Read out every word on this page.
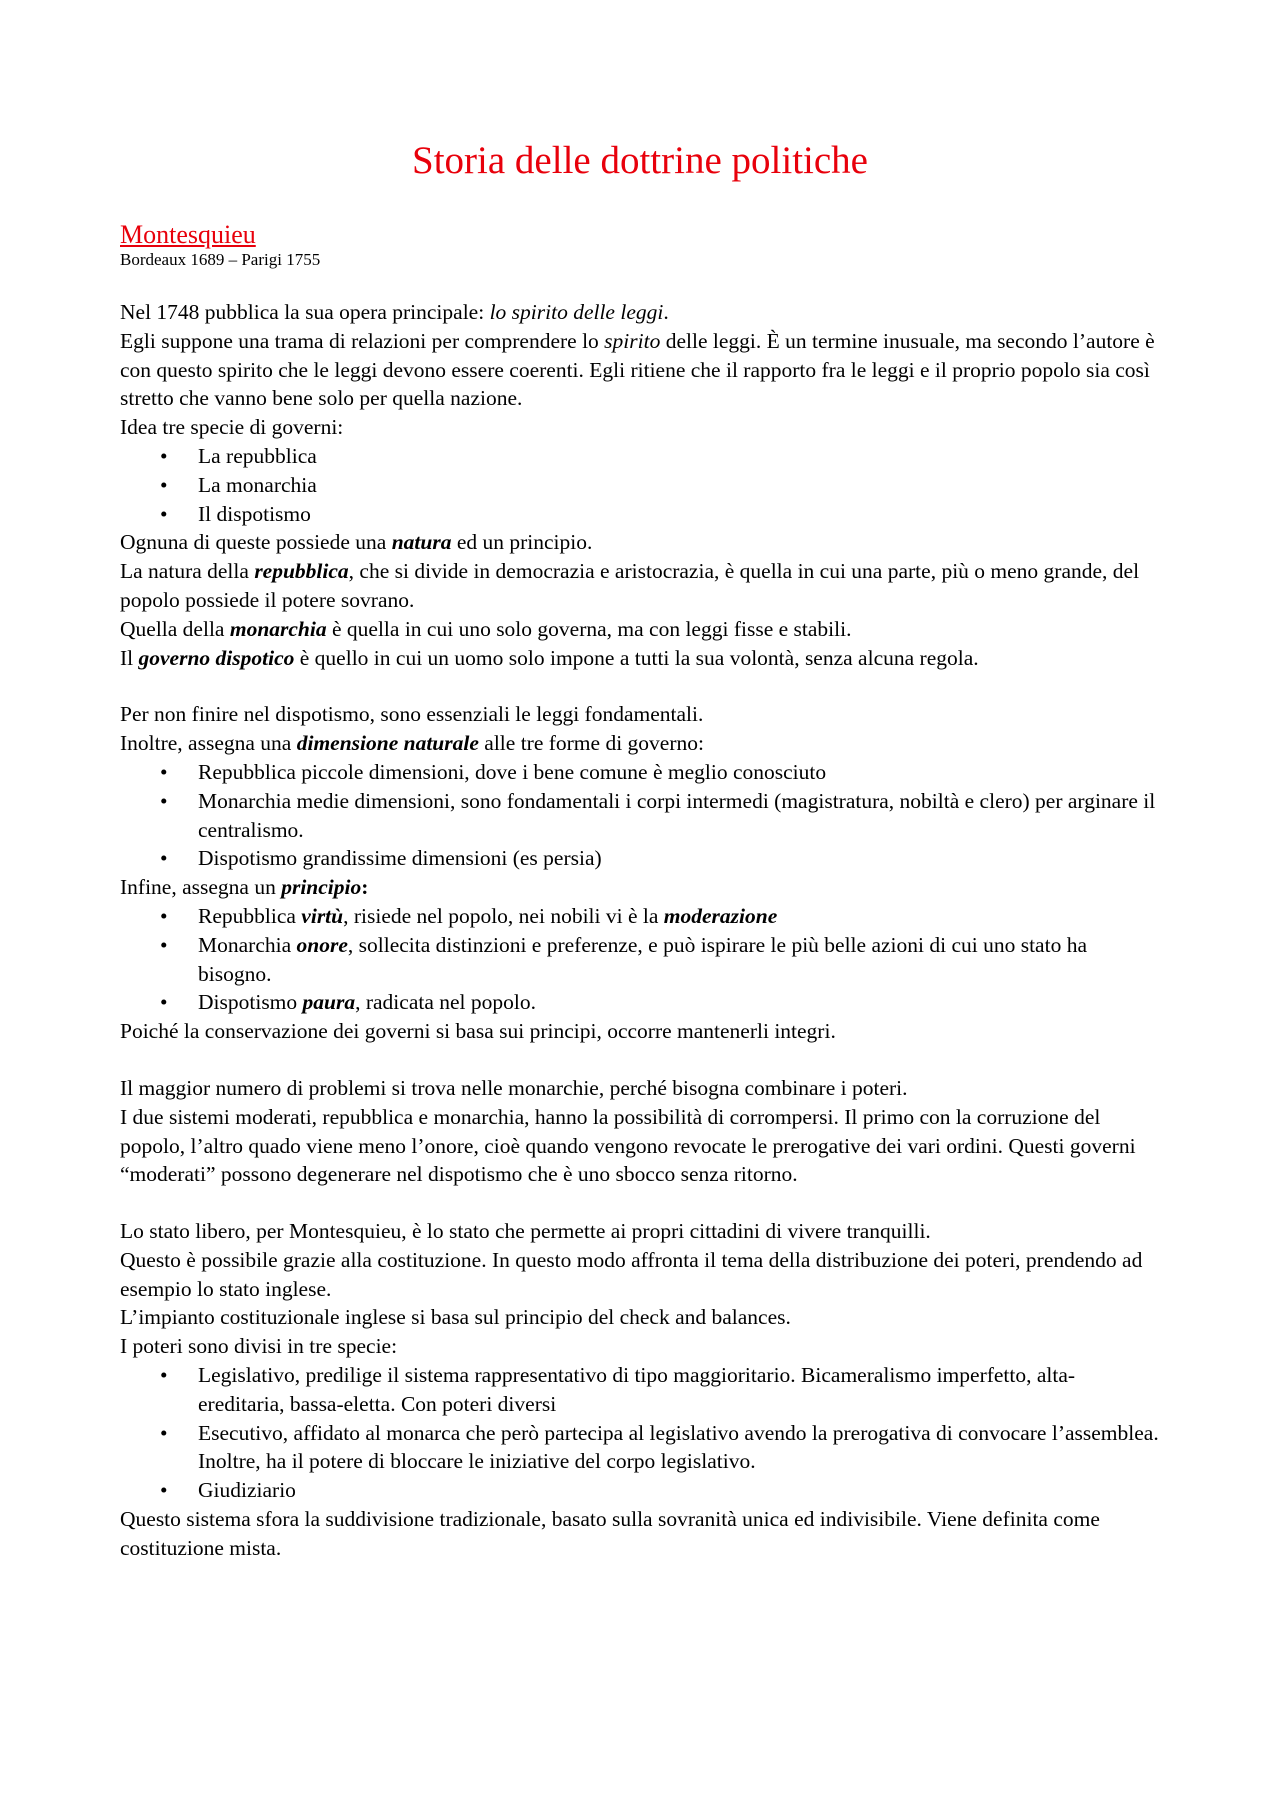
Storia delle dottrine politiche
Montesquieu

Bordeaux 1689 – Parigi 1755

Nel 1748 pubblica la sua opera principale: lo spirito delle leggi.

Egli suppone una trama di relazioni per comprendere lo spirito delle leggi. È un termine inusuale, ma secondo l’autore è con questo spirito che le leggi devono essere coerenti. Egli ritiene che il rapporto fra le leggi e il proprio popolo sia così stretto che vanno bene solo per quella nazione.

Idea tre specie di governi:

• La repubblica
• La monarchia
• Il dispotismo

Ognuna di queste possiede una natura ed un principio.

La natura della repubblica, che si divide in democrazia e aristocrazia, è quella in cui una parte, più o meno grande, del popolo possiede il potere sovrano.

Quella della monarchia è quella in cui uno solo governa, ma con leggi fisse e stabili.

Il governo dispotico è quello in cui un uomo solo impone a tutti la sua volontà, senza alcuna regola.

Per non finire nel dispotismo, sono essenziali le leggi fondamentali.

Inoltre, assegna una dimensione naturale alle tre forme di governo:

• Repubblica piccole dimensioni, dove i bene comune è meglio conosciuto
• Monarchia medie dimensioni, sono fondamentali i corpi intermedi (magistratura, nobiltà e clero) per arginare il centralismo.
• Dispotismo grandissime dimensioni (es persia)

Infine, assegna un principio:

• Repubblica virtù, risiede nel popolo, nei nobili vi è la moderazione
• Monarchia onore, sollecita distinzioni e preferenze, e può ispirare le più belle azioni di cui uno stato ha bisogno.
• Dispotismo paura, radicata nel popolo.

Poiché la conservazione dei governi si basa sui principi, occorre mantenerli integri.

Il maggior numero di problemi si trova nelle monarchie, perché bisogna combinare i poteri.

I due sistemi moderati, repubblica e monarchia, hanno la possibilità di corrompersi. Il primo con la corruzione del popolo, l’altro quado viene meno l’onore, cioè quando vengono revocate le prerogative dei vari ordini. Questi governi “moderati” possono degenerare nel dispotismo che è uno sbocco senza ritorno.

Lo stato libero, per Montesquieu, è lo stato che permette ai propri cittadini di vivere tranquilli.

Questo è possibile grazie alla costituzione. In questo modo affronta il tema della distribuzione dei poteri, prendendo ad esempio lo stato inglese.

L’impianto costituzionale inglese si basa sul principio del check and balances.

I poteri sono divisi in tre specie:

• Legislativo, predilige il sistema rappresentativo di tipo maggioritario. Bicameralismo imperfetto, alta-ereditaria, bassa-eletta. Con poteri diversi
• Esecutivo, affidato al monarca che però partecipa al legislativo avendo la prerogativa di convocare l’assemblea. Inoltre, ha il potere di bloccare le iniziative del corpo legislativo.
• Giudiziario

Questo sistema sfora la suddivisione tradizionale, basato sulla sovranità unica ed indivisibile. Viene definita come costituzione mista.
